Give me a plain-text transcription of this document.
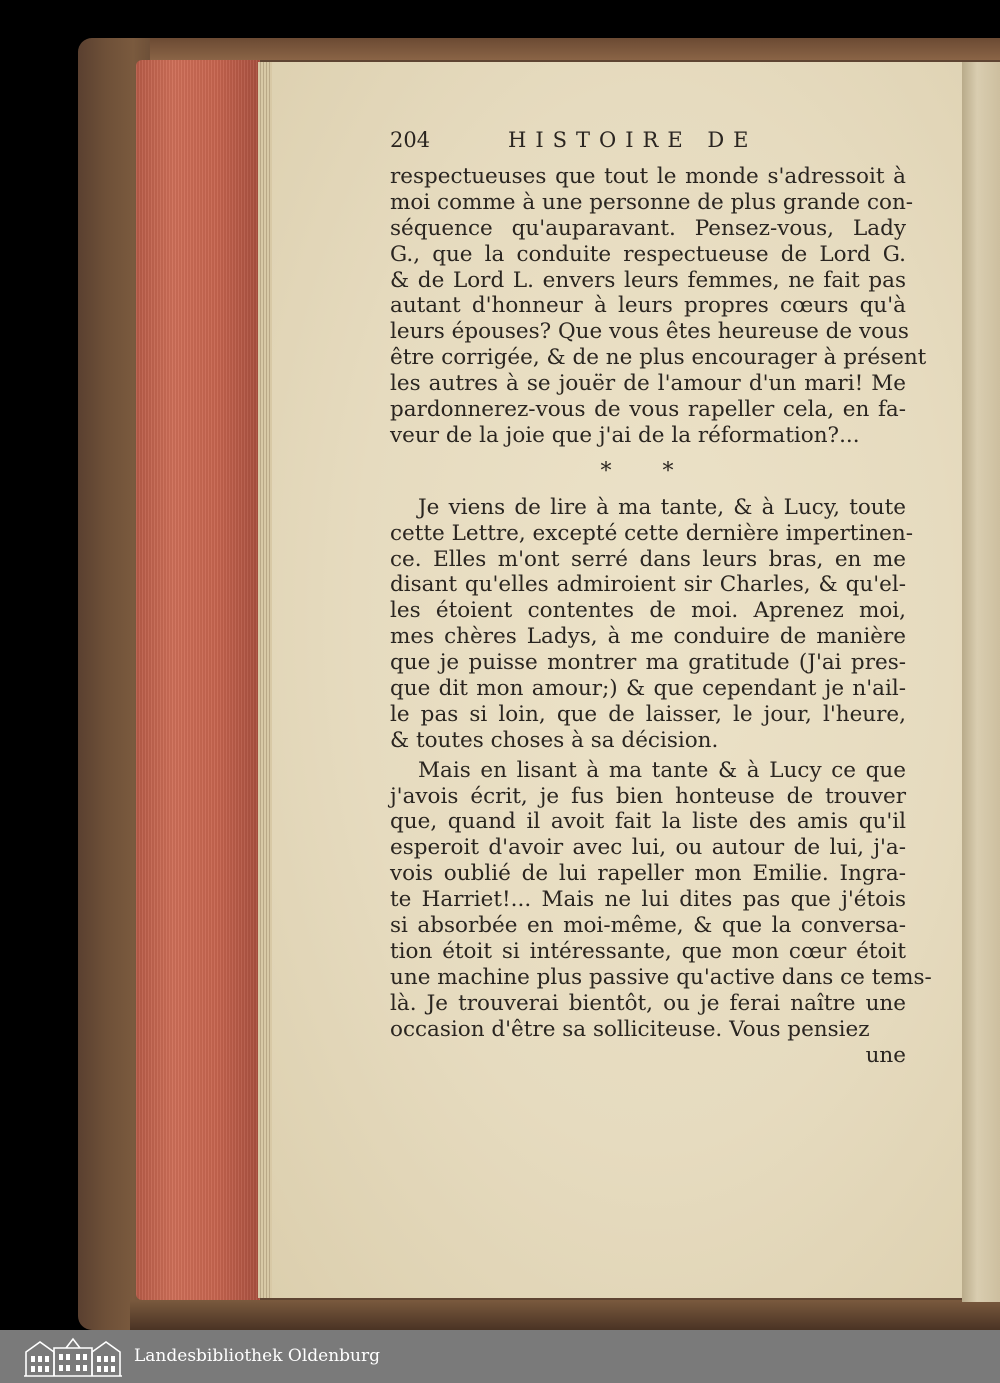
204	HISTOIRE DE
respectueuses que tout le monde s'adressoit à
moi comme à une personne de plus grande con-
séquence qu'auparavant. Pensez-vous, Lady
G., que la conduite respectueuse de Lord G.
& de Lord L. envers leurs femmes, ne fait pas
autant d'honneur à leurs propres cœurs qu'à
leurs épouses? Que vous êtes heureuse de vous
être corrigée, & de ne plus encourager à présent
les autres à se jouër de l'amour d'un mari! Me
pardonnerez-vous de vous rapeller cela, en fa-
veur de la joie que j'ai de la réformation?...
* *
Je viens de lire à ma tante, & à Lucy, toute
cette Lettre, excepté cette dernière impertinen-
ce. Elles m'ont serré dans leurs bras, en me
disant qu'elles admiroient sir Charles, & qu'el-
les étoient contentes de moi. Aprenez moi,
mes chères Ladys, à me conduire de manière
que je puisse montrer ma gratitude (J'ai pres-
que dit mon amour;) & que cependant je n'ail-
le pas si loin, que de laisser, le jour, l'heure,
& toutes choses à sa décision.
Mais en lisant à ma tante & à Lucy ce que
j'avois écrit, je fus bien honteuse de trouver
que, quand il avoit fait la liste des amis qu'il
esperoit d'avoir avec lui, ou autour de lui, j'a-
vois oublié de lui rapeller mon Emilie. Ingra-
te Harriet!... Mais ne lui dites pas que j'étois
si absorbée en moi-même, & que la conversa-
tion étoit si intéressante, que mon cœur étoit
une machine plus passive qu'active dans ce tems-
là. Je trouverai bientôt, ou je ferai naître une
occasion d'être sa solliciteuse. Vous pensiez
une
Landesbibliothek Oldenburg
